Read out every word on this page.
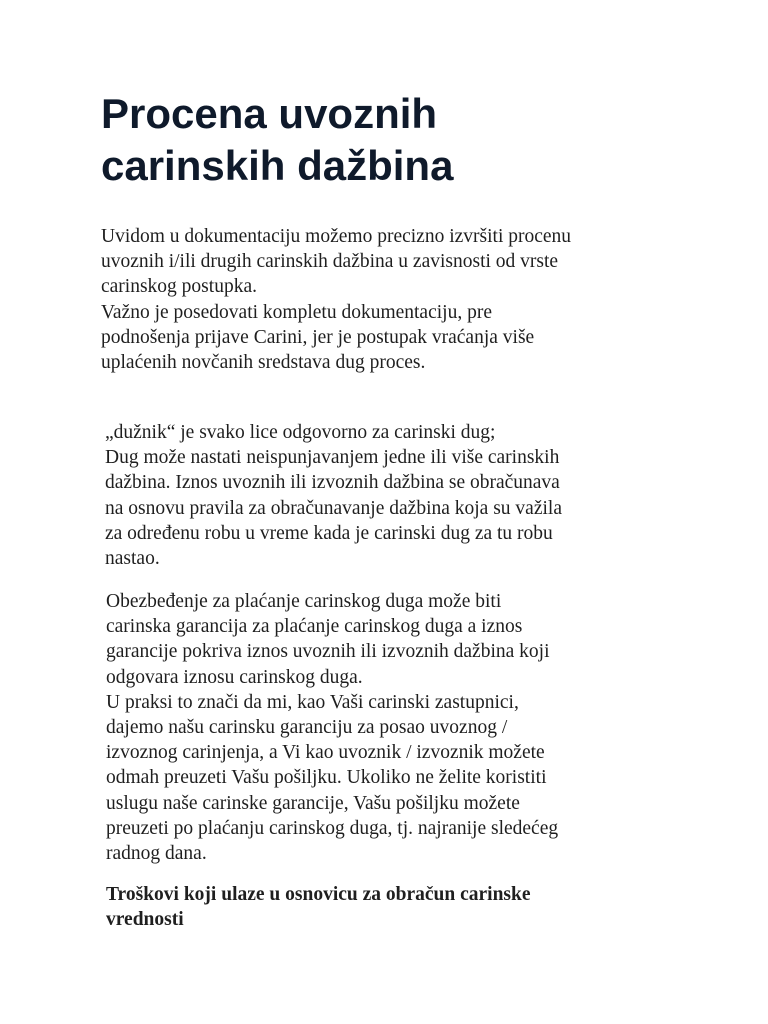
Procena uvoznih
carinskih dažbina

Uvidom u dokumentaciju možemo precizno izvršiti procenu
uvoznih i/ili drugih carinskih dažbina u zavisnosti od vrste
carinskog postupka.
Važno je posedovati kompletu dokumentaciju, pre
podnošenja prijave Carini, jer je postupak vraćanja više
uplaćenih novčanih sredstava dug proces.

„dužnik“ je svako lice odgovorno za carinski dug;
Dug može nastati neispunjavanjem jedne ili više carinskih
dažbina. Iznos uvoznih ili izvoznih dažbina se obračunava
na osnovu pravila za obračunavanje dažbina koja su važila
za određenu robu u vreme kada je carinski dug za tu robu
nastao.

Obezbeđenje za plaćanje carinskog duga može biti
carinska garancija za plaćanje carinskog duga a iznos
garancije pokriva iznos uvoznih ili izvoznih dažbina koji
odgovara iznosu carinskog duga.
U praksi to znači da mi, kao Vaši carinski zastupnici,
dajemo našu carinsku garanciju za posao uvoznog /
izvoznog carinjenja, a Vi kao uvoznik / izvoznik možete
odmah preuzeti Vašu pošiljku. Ukoliko ne želite koristiti
uslugu naše carinske garancije, Vašu pošiljku možete
preuzeti po plaćanju carinskog duga, tj. najranije sledećeg
radnog dana.

Troškovi koji ulaze u osnovicu za obračun carinske
vrednosti
